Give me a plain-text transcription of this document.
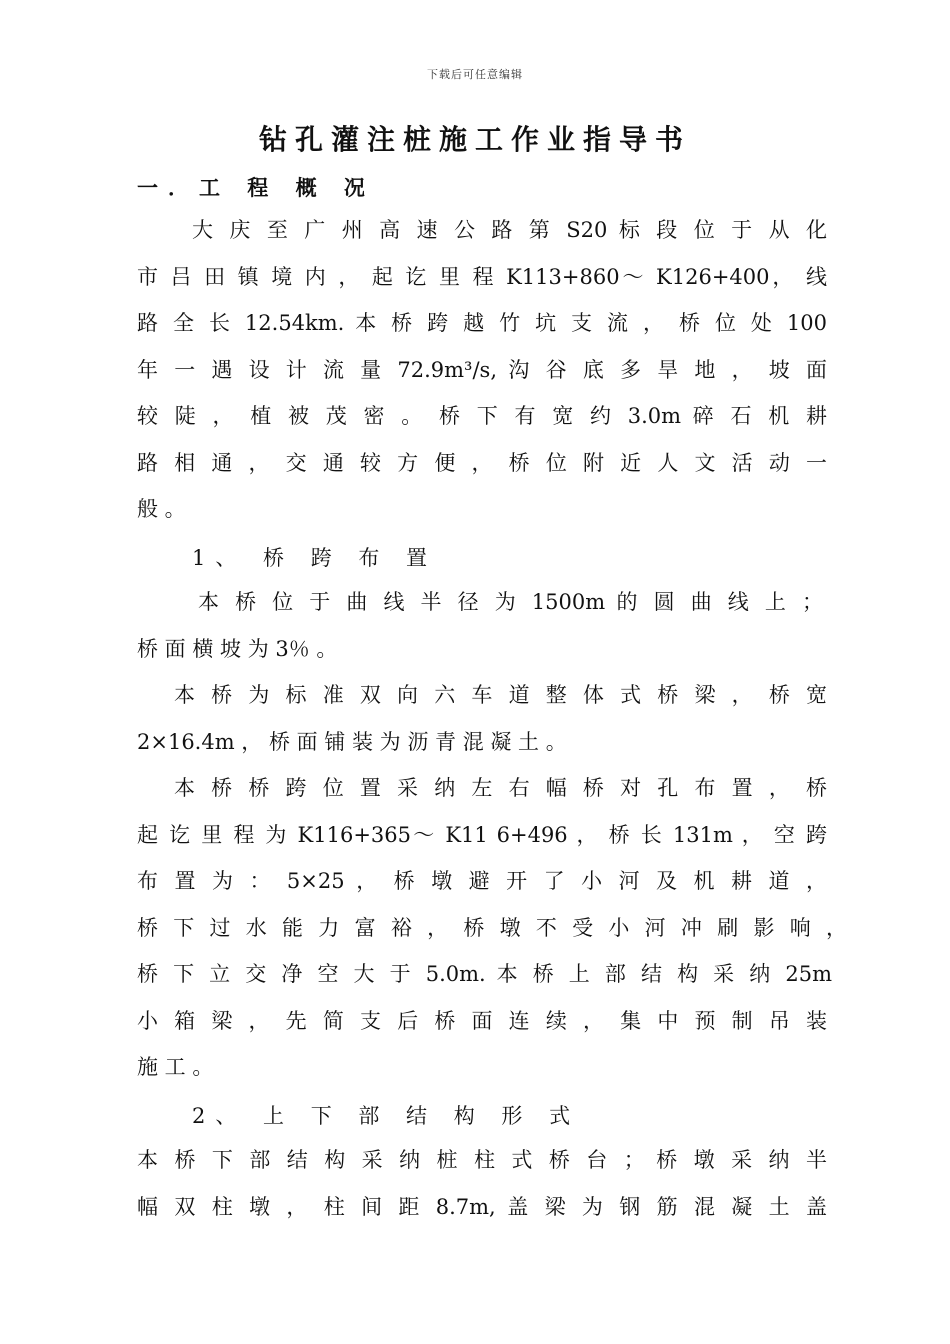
下载后可任意编辑
钻孔灌注桩施工作业指导书
一．工 程 概 况
大 庆 至 广 州 高 速 公 路 第 S20 标 段 位 于 从 化
市 吕 田 镇 境 内 ， 起 讫 里 程 K113+860～ K126+400， 线
路 全 长 12.54km. 本 桥 跨 越 竹 坑 支 流 ， 桥 位 处 100
年 一 遇 设 计 流 量 72.9m³/s, 沟 谷 底 多 旱 地 ， 坡 面
较 陡 ， 植 被 茂 密 。 桥 下 有 宽 约 3.0m 碎 石 机 耕
路 相 通 ， 交 通 较 方 便 ， 桥 位 附 近 人 文 活 动 一
般 。
1、 桥 跨 布 置
本 桥 位 于 曲 线 半 径 为 1500m 的 圆 曲 线 上 ；
桥 面 横 坡 为 3％ 。
本 桥 为 标 准 双 向 六 车 道 整 体 式 桥 梁 ， 桥 宽
2×16.4m ， 桥 面 铺 装 为 沥 青 混 凝 土 。
本 桥 桥 跨 位 置 采 纳 左 右 幅 桥 对 孔 布 置 ， 桥
起 讫 里 程 为 K116+365～ K11 6+496 ， 桥 长 131m ， 空 跨
布 置 为 ： 5×25 ， 桥 墩 避 开 了 小 河 及 机 耕 道 ，
桥 下 过 水 能 力 富 裕 ， 桥 墩 不 受 小 河 冲 刷 影 响 ，
桥 下 立 交 净 空 大 于 5.0m. 本 桥 上 部 结 构 采 纳 25m
小 箱 梁 ， 先 简 支 后 桥 面 连 续 ， 集 中 预 制 吊 装
施 工 。
2、 上 下 部 结 构 形 式
本 桥 下 部 结 构 采 纳 桩 柱 式 桥 台 ； 桥 墩 采 纳 半
幅 双 柱 墩 ， 柱 间 距 8.7m, 盖 梁 为 钢 筋 混 凝 土 盖
